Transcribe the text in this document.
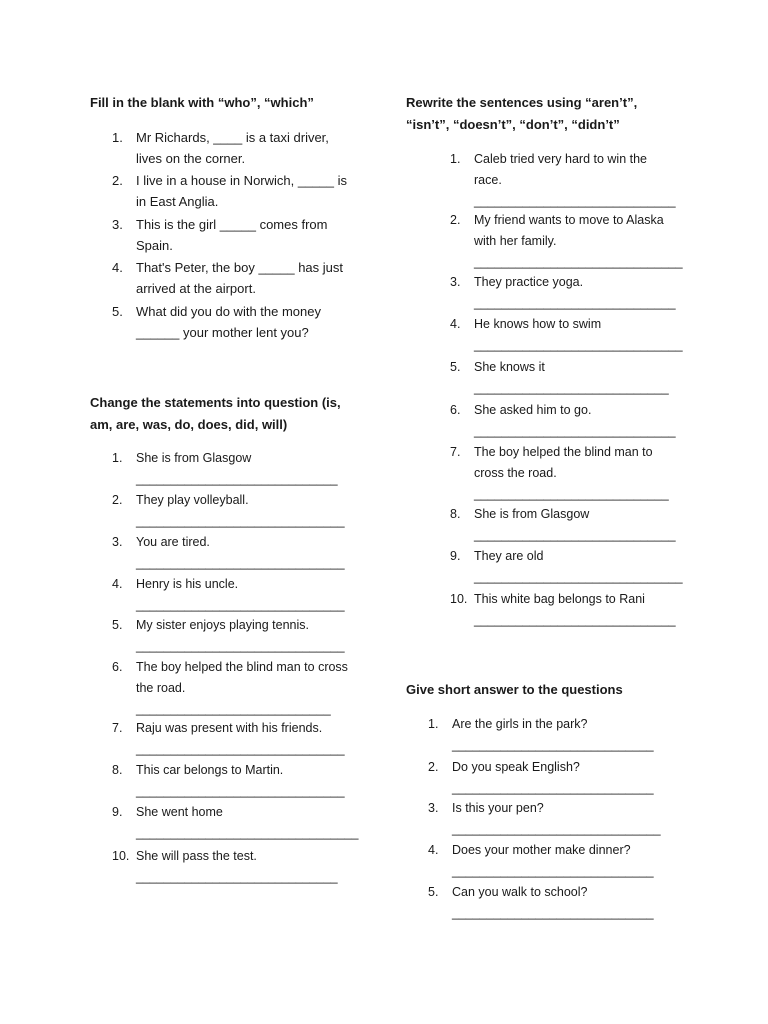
Fill in the blank with “who”, “which”
1.	Mr Richards, ____ is a taxi driver,
lives on the corner.
2.	I live in a house in Norwich, _____ is
in East Anglia.
3.	This is the girl _____ comes from
Spain.
4.	That's Peter, the boy _____ has just
arrived at the airport.
5.	What did you do with the money
______ your mother lent you?
Change the statements into question (is,
am, are, was, do, does, did, will)
1.	She is from Glasgow
_____________________________
2.	They play volleyball.
______________________________
3.	You are tired.
______________________________
4.	Henry is his uncle.
______________________________
5.	My sister enjoys playing tennis.
______________________________
6.	The boy helped the blind man to cross
the road.
____________________________
7.	Raju was present with his friends.
______________________________
8.	This car belongs to Martin.
______________________________
9.	She went home
________________________________
10. She will pass the test.
_____________________________
Rewrite the sentences using “aren’t”,
“isn’t”, “doesn’t”, “don’t”, “didn’t”
1.	Caleb tried very hard to win the
race.
_____________________________
2.	My friend wants to move to Alaska
with her family.
______________________________
3.	They practice yoga.
_____________________________
4.	He knows how to swim
______________________________
5.	She knows it
____________________________
6.	She asked him to go.
_____________________________
7.	The boy helped the blind man to
cross the road.
____________________________
8.	She is from Glasgow
_____________________________
9.	They are old
______________________________
10. This white bag belongs to Rani
_____________________________
Give short answer to the questions
1.	Are the girls in the park?
_____________________________
2.	Do you speak English?
_____________________________
3.	Is this your pen?
______________________________
4.	Does your mother make dinner?
_____________________________
5.	Can you walk to school?
_____________________________
